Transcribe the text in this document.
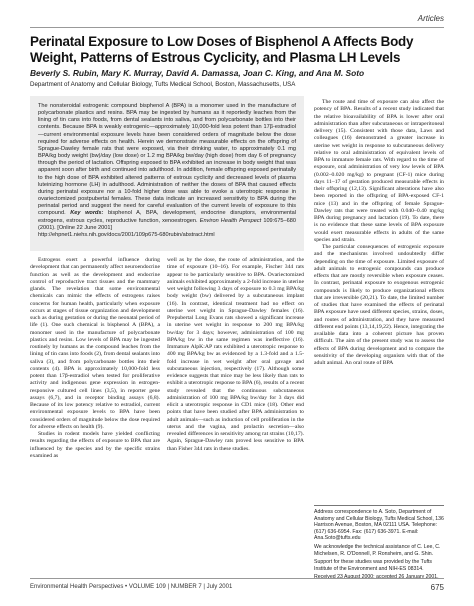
Articles
Perinatal Exposure to Low Doses of Bisphenol A Affects Body Weight, Patterns of Estrous Cyclicity, and Plasma LH Levels
Beverly S. Rubin, Mary K. Murray, David A. Damassa, Joan C. King, and Ana M. Soto
Department of Anatomy and Cellular Biology, Tufts Medical School, Boston, Massachusetts, USA
The nonsteroidal estrogenic compound bisphenol A (BPA) is a monomer used in the manufacture of polycarbonate plastics and resins. BPA may be ingested by humans as it reportedly leaches from the lining of tin cans into foods, from dental sealants into saliva, and from polycarbonate bottles into their contents. Because BPA is weakly estrogenic—approximately 10,000-fold less potent than 17β-estradiol—current environmental exposure levels have been considered orders of magnitude below the dose required for adverse effects on health. Herein we demonstrate measurable effects on the offspring of Sprague-Dawley female rats that were exposed, via their drinking water, to approximately 0.1 mg BPA/kg body weight (bw)/day (low dose) or 1.2 mg BPA/kg bw/day (high dose) from day 6 of pregnancy through the period of lactation. Offspring exposed to BPA exhibited an increase in body weight that was apparent soon after birth and continued into adulthood. In addition, female offspring exposed perinatally to the high dose of BPA exhibited altered patterns of estrous cyclicity and decreased levels of plasma luteinizing hormone (LH) in adulthood. Administration of neither the doses of BPA that caused effects during perinatal exposure nor a 10-fold higher dose was able to evoke a uterotropic response in ovariectomized postpubertal females. These data indicate an increased sensitivity to BPA during the perinatal period and suggest the need for careful evaluation of the current levels of exposure to this compound. Key words: bisphenol A, BPA, development, endocrine disruptors, environmental estrogens, estrous cycles, reproductive function, xenoestrogen. Environ Health Perspect 109:675–680 (2001). [Online 22 June 2001]
http://ehpnet1.niehs.nih.gov/docs/2001/109p675-680rubin/abstract.html

Estrogens exert a powerful influence during development that can permanently affect neuroendocrine function as well as the development and endocrine control of reproductive tract tissues and the mammary glands. The revelation that some environmental chemicals can mimic the effects of estrogens raises concerns for human health, particularly when exposure occurs at stages of tissue organization and development such as during gestation or during the neonatal period of life (1). One such chemical is bisphenol A (BPA), a monomer used in the manufacture of polycarbonate plastics and resins. Low levels of BPA may be ingested routinely by humans as the compound leaches from the lining of tin cans into foods (2), from dental sealants into saliva (3), and from polycarbonate bottles into their contents (4). BPA is approximately 10,000-fold less potent than 17β-estradiol when tested for proliferative activity and indigenous gene expression in estrogen-responsive cultured cell lines (3,5), in reporter gene assays (6,7), and in receptor binding assays (6,8). Because of its low potency relative to estradiol, current environmental exposure levels to BPA have been considered orders of magnitude below the dose required for adverse effects on health (9).

Studies in rodent models have yielded conflicting results regarding the effects of exposure to BPA that are influenced by the species and by the specific strains examined as

well as by the dose, the route of administration, and the time of exposure (10–16). For example, Fischer 344 rats appear to be particularly sensitive to BPA. Ovariectomized animals exhibited approximately a 2-fold increase in uterine wet weight following 3 days of exposure to 0.3 mg BPA/kg body weight (bw) delivered by a subcutaneous implant (16). In contrast, identical treatment had no effect on uterine wet weight in Sprague-Dawley females (16). Prepubertal Long Evans rats showed a significant increase in uterine wet weight in response to 200 mg BPA/kg bw/day for 3 days; however, administration of 100 mg BPA/kg bw in the same regimen was ineffective (16). Immature AlpK:AP rats exhibited a uterotropic response to 400 mg BPA/kg bw as evidenced by a 1.3-fold and a 1.5-fold increase in wet weight after oral gavage and subcutaneous injection, respectively (17). Although some evidence suggests that mice may be less likely than rats to exhibit a uterotropic response to BPA (6), results of a recent study revealed that the continuous subcutaneous administration of 100 mg BPA/kg bw/day for 3 days did elicit a uterotropic response in CD1 mice (18). Other end points that have been studied after BPA administration to adult animals—such as induction of cell proliferation in the uterus and the vagina, and prolactin secretion—also revealed differences in sensitivity among rat strains (10,17). Again, Sprague-Dawley rats proved less sensitive to BPA than Fisher 344 rats in these studies.

The route and time of exposure can also affect the potency of BPA. Results of a recent study indicated that the relative bioavailability of BPA is lower after oral administration than after subcutaneous or intraperitoneal delivery (15). Consistent with those data, Laws and colleagues (16) demonstrated a greater increase in uterine wet weight in response to subcutaneous delivery relative to oral administration of equivalent levels of BPA to immature female rats. With regard to the time of exposure, oral administration of very low levels of BPA (0.002–0.020 mg/kg) to pregnant (CF-1) mice during days 11–17 of gestation produced measurable effects in their offspring (12,13). Significant alterations have also been reported in the offspring of BPA-exposed CF-1 mice (13) and in the offspring of female Sprague-Dawley rats that were treated with 0.040–0.40 mg/kg BPA during pregnancy and lactation (19). To date, there is no evidence that these same levels of BPA exposure would exert measurable effects in adults of the same species and strain.

The particular consequences of estrogenic exposure and the mechanisms involved undoubtedly differ depending on the time of exposure. Limited exposure of adult animals to estrogenic compounds can produce effects that are mostly reversible when exposure ceases. In contrast, perinatal exposure to exogenous estrogenic compounds is likely to produce organizational effects that are irreversible (20,21). To date, the limited number of studies that have examined the effects of perinatal BPA exposure have used different species, strains, doses, and routes of administration, and they have measured different end points (13,14,19,22). Hence, integrating the available data into a coherent picture has proven difficult. The aim of the present study was to assess the effects of BPA during development and to compare the sensitivity of the developing organism with that of the adult animal. An oral route of BPA

Address correspondence to A. Soto, Department of Anatomy and Cellular Biology, Tufts Medical School, 136 Harrison Avenue, Boston, MA 02111 USA. Telephone: (617) 636-6954. Fax: (617) 636-3971. E-mail: Ana.Soto@tufts.edu

We acknowledge the technical assistance of C. Lee, C. Michelsen, R. O'Donnell, P. Ronsheim, and G. Shin.

Support for these studies was provided by the Tufts Institute of the Environment and NIH-ES 08314.

Environmental Health Perspectives • VOLUME 109 | NUMBER 7 | July 2001	675
